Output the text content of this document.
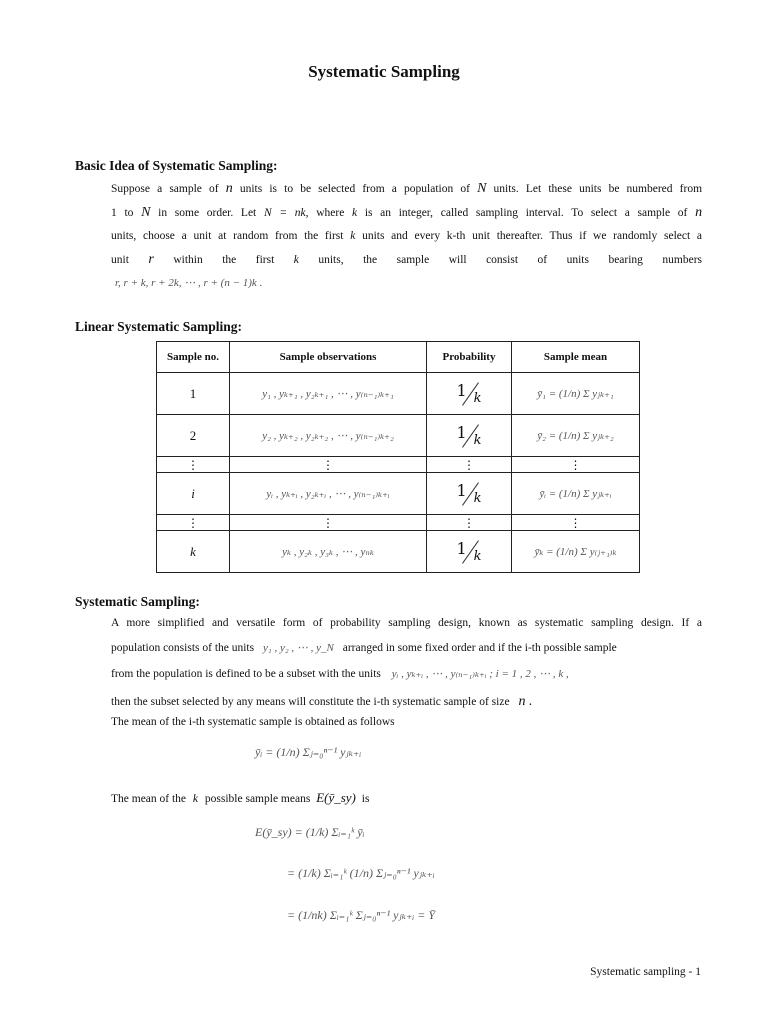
Systematic Sampling
Basic Idea of Systematic Sampling:
Suppose a sample of n units is to be selected from a population of N units. Let these units be numbered from
1 to N in some order. Let N = nk, where k is an integer, called sampling interval. To select a sample of n
units, choose a unit at random from the first k units and every k-th unit thereafter. Thus if we randomly select a
unit r within the first k units, the sample will consist of units bearing numbers
r, r + k, r + 2k, ⋯ , r + (n − 1)k .
Linear Systematic Sampling:
Sample no.	Sample observations	Probability	Sample mean
1	y₁ , yₖ₊₁ , y₂ₖ₊₁ , ⋯ , y₍ₙ₋₁₎ₖ₊₁	1 k	ȳ₁ = (1/n) Σ yⱼₖ₊₁
2	y₂ , yₖ₊₂ , y₂ₖ₊₂ , ⋯ , y₍ₙ₋₁₎ₖ₊₂	1 k	ȳ₂ = (1/n) Σ yⱼₖ₊₂
⋮	⋮	⋮	⋮
i	yᵢ , yₖ₊ᵢ , y₂ₖ₊ᵢ , ⋯ , y₍ₙ₋₁₎ₖ₊ᵢ	1 k	ȳᵢ = (1/n) Σ yⱼₖ₊ᵢ
⋮	⋮	⋮	⋮
k	yₖ , y₂ₖ , y₃ₖ , ⋯ , yₙₖ	1 k	ȳₖ = (1/n) Σ y₍ⱼ₊₁₎ₖ
Systematic Sampling:
A more simplified and versatile form of probability sampling design, known as systematic sampling design. If a
population consists of the units y₁ , y₂ , ⋯ , y_N arranged in some fixed order and if the i-th possible sample
from the population is defined to be a subset with the units yᵢ , yₖ₊ᵢ , ⋯ , y₍ₙ₋₁₎ₖ₊ᵢ ; i = 1 , 2 , ⋯ , k ,
then the subset selected by any means will constitute the i-th systematic sample of size n .
The mean of the i-th systematic sample is obtained as follows
ȳᵢ = (1/n) Σⱼ₌₀ⁿ⁻¹ yⱼₖ₊ᵢ
The mean of the k possible sample means E(ȳ_sy) is
E(ȳ_sy) = (1/k) Σᵢ₌₁ᵏ ȳᵢ
= (1/k) Σᵢ₌₁ᵏ (1/n) Σⱼ₌₀ⁿ⁻¹ yⱼₖ₊ᵢ
= (1/nk) Σᵢ₌₁ᵏ Σⱼ₌₀ⁿ⁻¹ yⱼₖ₊ᵢ = Ȳ
Systematic sampling - 1
